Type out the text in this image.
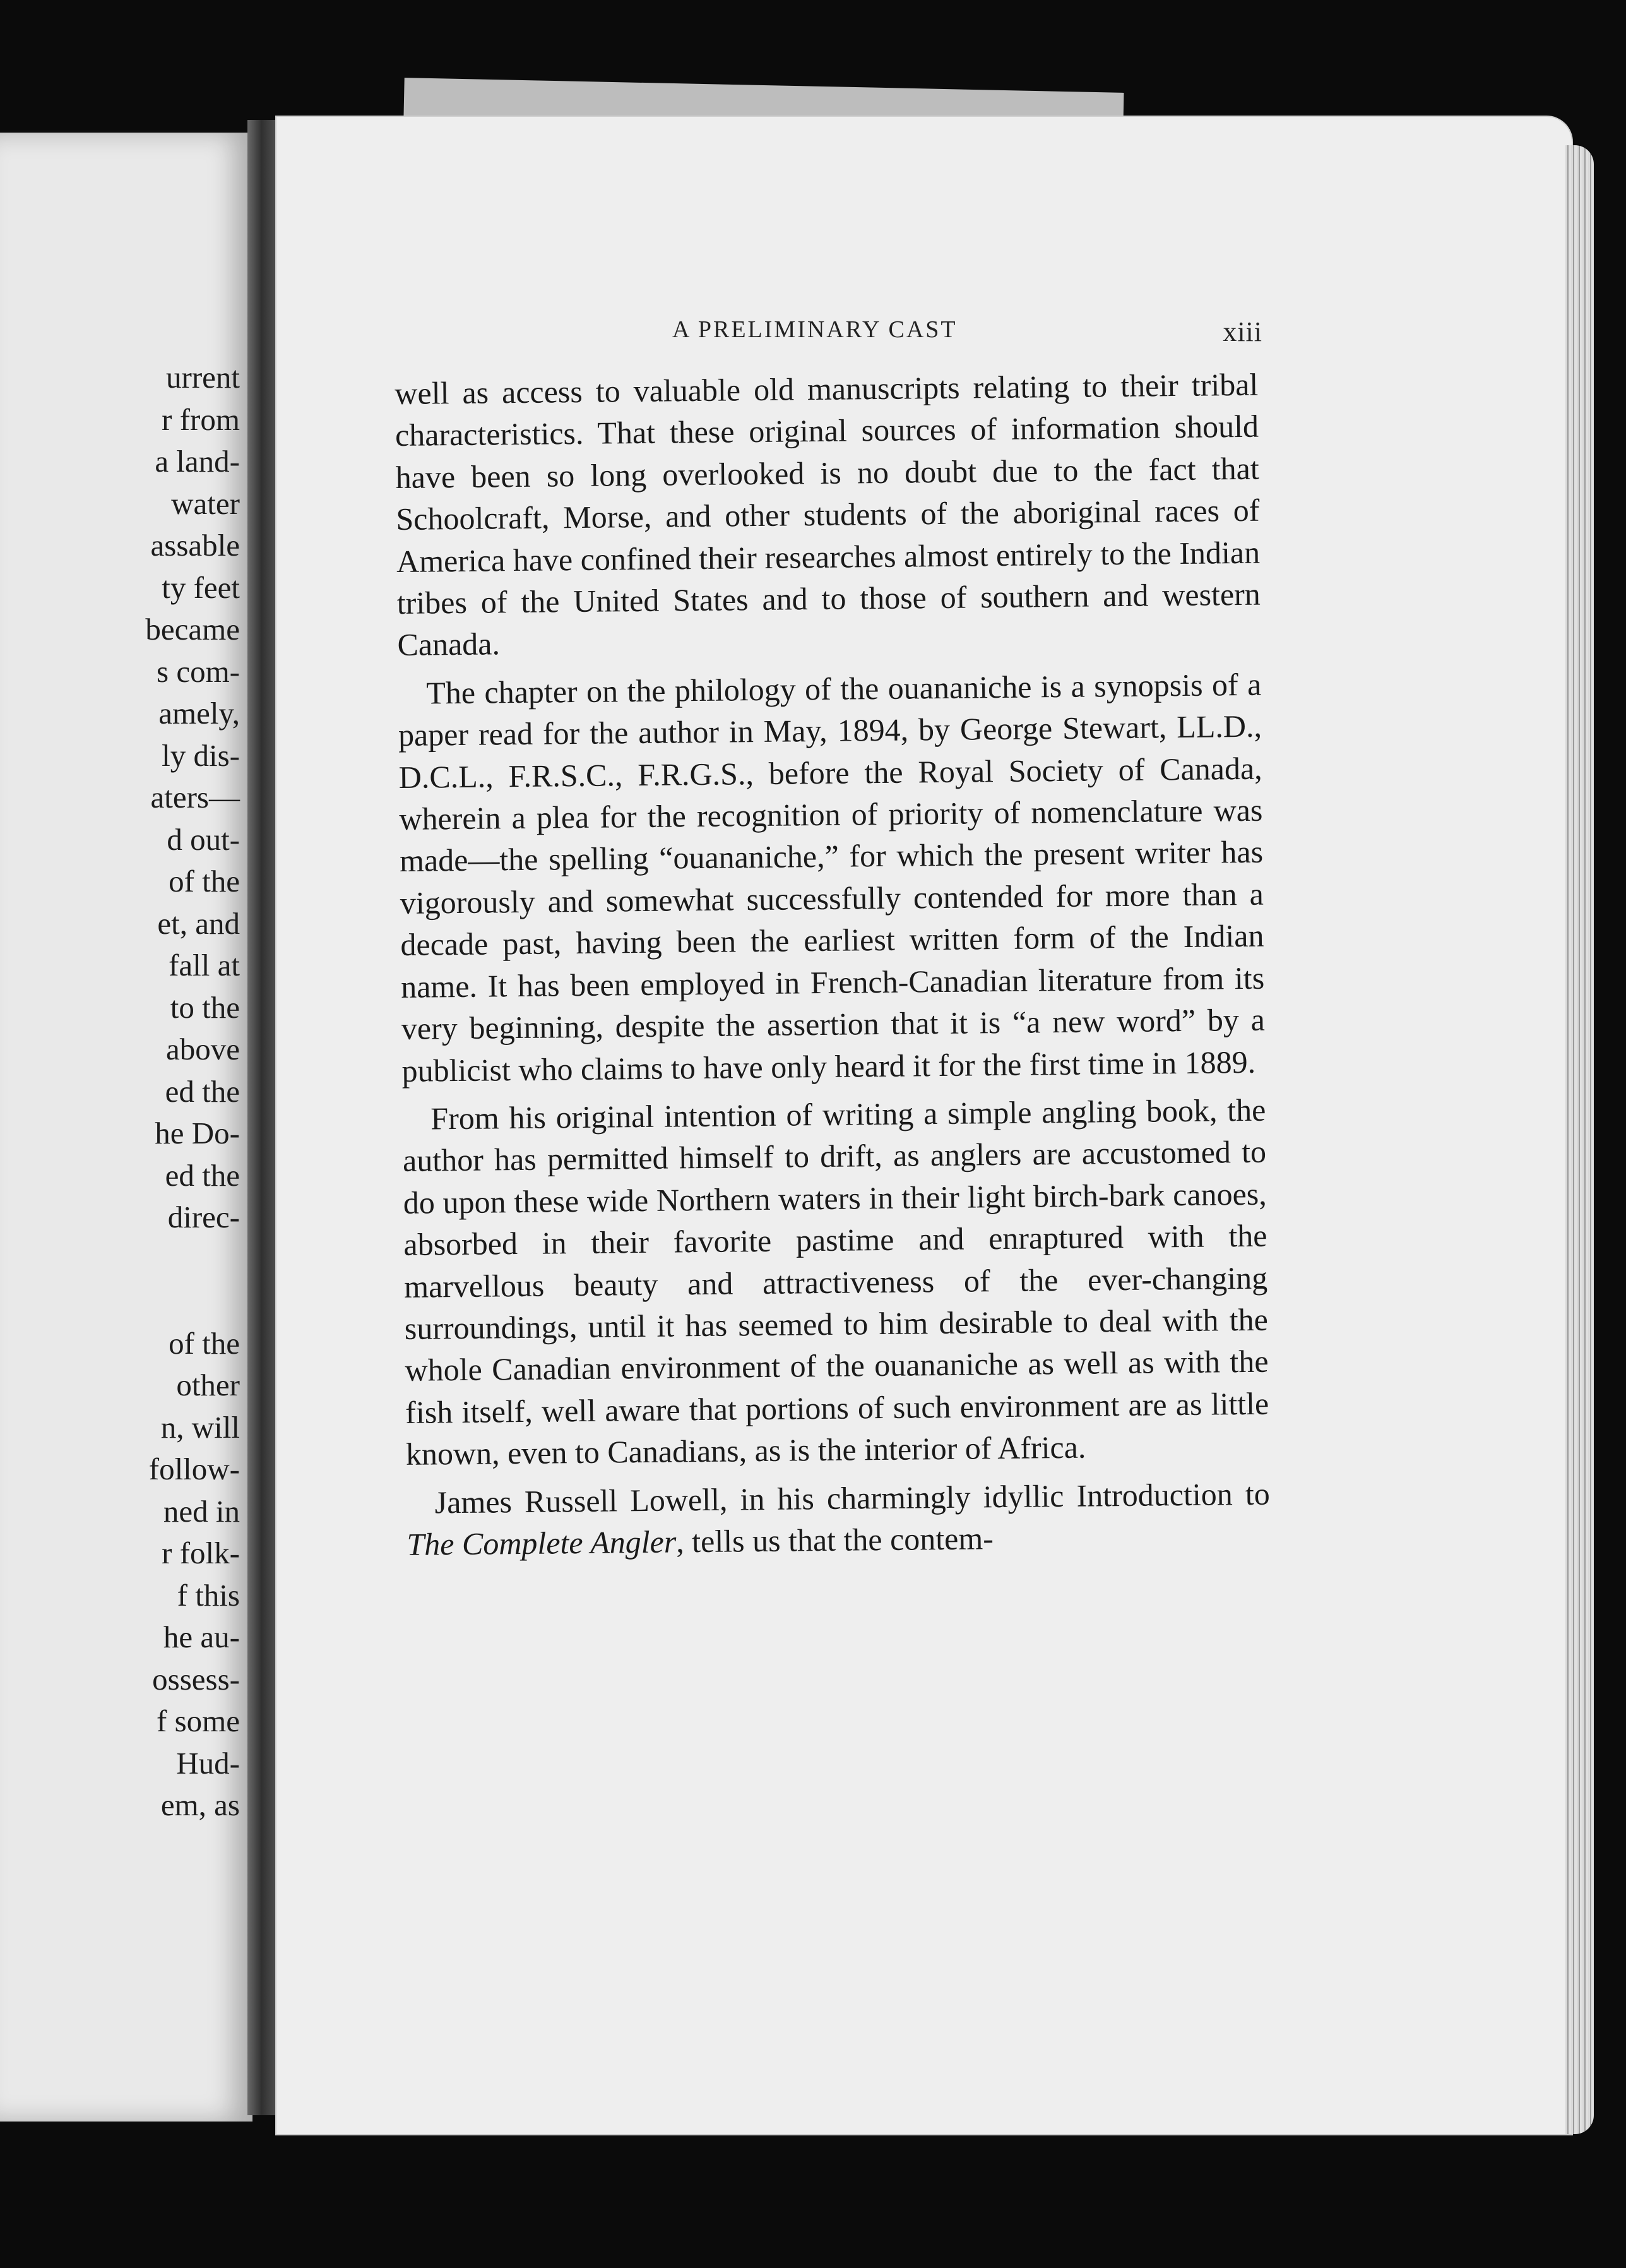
urrent
r from
a land-
water
assable
ty feet
became
s com-
amely,
ly dis-
aters—
d out-
of the
et, and
fall at
to the
above
ed the
he Do-
ed the
direc-
of the
other
n, will
follow-
ned in
r folk-
f this
he au-
ossess-
f some
Hud-
em, as
A PRELIMINARY CAST	xiii

well as access to valuable old manuscripts relating to their tribal characteristics. That these original sources of information should have been so long overlooked is no doubt due to the fact that Schoolcraft, Morse, and other students of the aboriginal races of America have confined their researches almost entirely to the Indian tribes of the United States and to those of southern and western Canada.

The chapter on the philology of the ouananiche is a synopsis of a paper read for the author in May, 1894, by George Stewart, LL.D., D.C.L., F.R.S.C., F.R.G.S., before the Royal Society of Canada, wherein a plea for the recognition of priority of nomenclature was made—the spelling “ouananiche,” for which the present writer has vigorously and somewhat successfully contended for more than a decade past, having been the earliest written form of the Indian name. It has been employed in French-Canadian literature from its very beginning, despite the assertion that it is “a new word” by a publicist who claims to have only heard it for the first time in 1889.

From his original intention of writing a simple angling book, the author has permitted himself to drift, as anglers are accustomed to do upon these wide Northern waters in their light birch-bark canoes, absorbed in their favorite pastime and enraptured with the marvellous beauty and attractiveness of the ever-changing surroundings, until it has seemed to him desirable to deal with the whole Canadian environment of the ouananiche as well as with the fish itself, well aware that portions of such environment are as little known, even to Canadians, as is the interior of Africa.

James Russell Lowell, in his charmingly idyllic Introduction to The Complete Angler, tells us that the contem-
